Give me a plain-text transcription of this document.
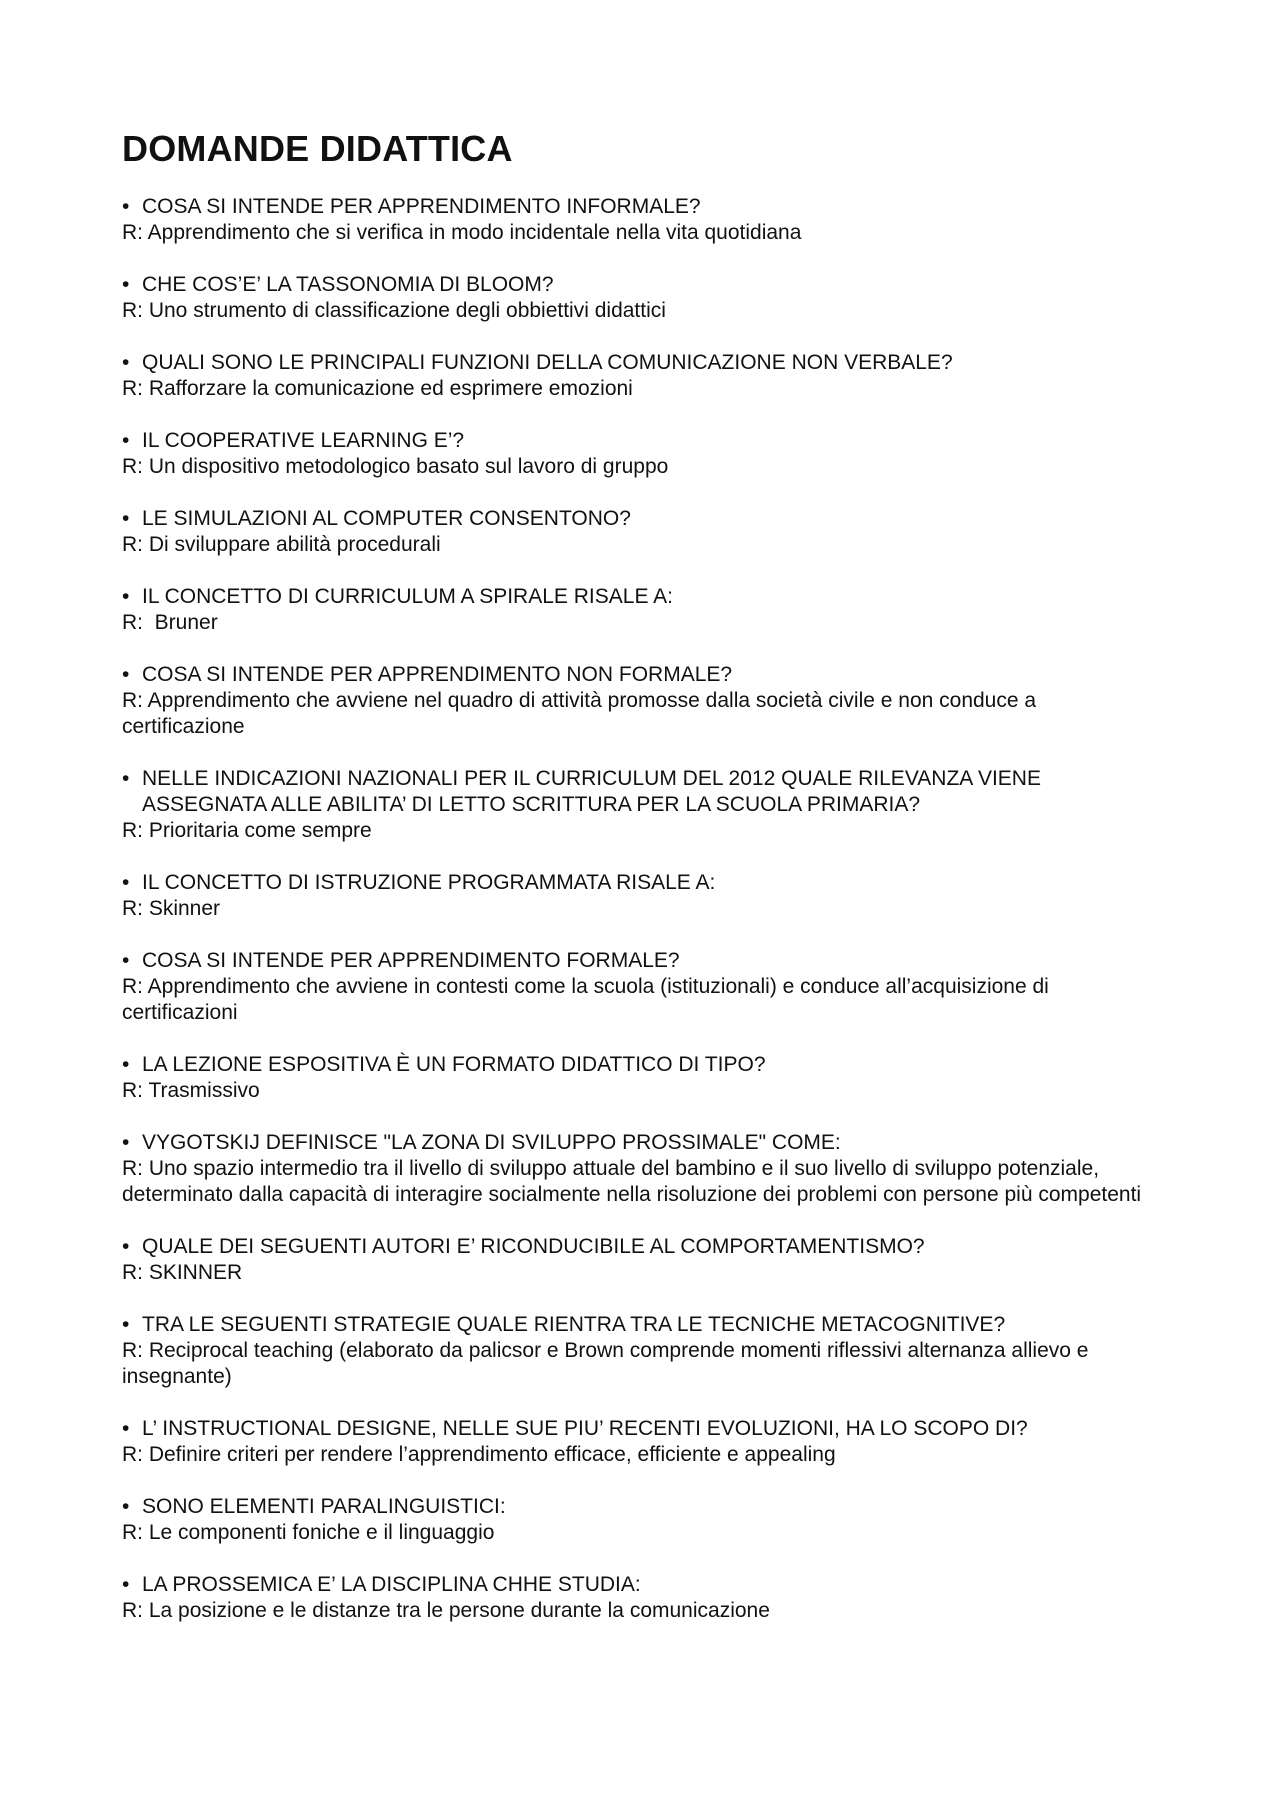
DOMANDE DIDATTICA
• COSA SI INTENDE PER APPRENDIMENTO INFORMALE?
R: Apprendimento che si verifica in modo incidentale nella vita quotidiana
• CHE COS’E’ LA TASSONOMIA DI BLOOM?
R: Uno strumento di classificazione degli obbiettivi didattici
• QUALI SONO LE PRINCIPALI FUNZIONI DELLA COMUNICAZIONE NON VERBALE?
R: Rafforzare la comunicazione ed esprimere emozioni
• IL COOPERATIVE LEARNING E’?
R: Un dispositivo metodologico basato sul lavoro di gruppo
• LE SIMULAZIONI AL COMPUTER CONSENTONO?
R: Di sviluppare abilità procedurali
• IL CONCETTO DI CURRICULUM A SPIRALE RISALE A:
R:  Bruner
• COSA SI INTENDE PER APPRENDIMENTO NON FORMALE?
R: Apprendimento che avviene nel quadro di attività promosse dalla società civile e non conduce a certificazione
• NELLE INDICAZIONI NAZIONALI PER IL CURRICULUM DEL 2012 QUALE RILEVANZA VIENE ASSEGNATA ALLE ABILITA’ DI LETTO SCRITTURA PER LA SCUOLA PRIMARIA?
R: Prioritaria come sempre
• IL CONCETTO DI ISTRUZIONE PROGRAMMATA RISALE A:
R: Skinner
• COSA SI INTENDE PER APPRENDIMENTO FORMALE?
R: Apprendimento che avviene in contesti come la scuola (istituzionali) e conduce all’acquisizione di certificazioni
• LA LEZIONE ESPOSITIVA È UN FORMATO DIDATTICO DI TIPO?
R: Trasmissivo
• VYGOTSKIJ DEFINISCE "LA ZONA DI SVILUPPO PROSSIMALE" COME:
R: Uno spazio intermedio tra il livello di sviluppo attuale del bambino e il suo livello di sviluppo potenziale, determinato dalla capacità di interagire socialmente nella risoluzione dei problemi con persone più competenti
• QUALE DEI SEGUENTI AUTORI E’ RICONDUCIBILE AL COMPORTAMENTISMO?
R: SKINNER
• TRA LE SEGUENTI STRATEGIE QUALE RIENTRA TRA LE TECNICHE METACOGNITIVE?
R: Reciprocal teaching (elaborato da palicsor e Brown comprende momenti riflessivi alternanza allievo e insegnante)
• L’ INSTRUCTIONAL DESIGNE, NELLE SUE PIU’ RECENTI EVOLUZIONI, HA LO SCOPO DI?
R: Definire criteri per rendere l’apprendimento efficace, efficiente e appealing
• SONO ELEMENTI PARALINGUISTICI:
R: Le componenti foniche e il linguaggio
• LA PROSSEMICA E’ LA DISCIPLINA CHHE STUDIA:
R: La posizione e le distanze tra le persone durante la comunicazione
